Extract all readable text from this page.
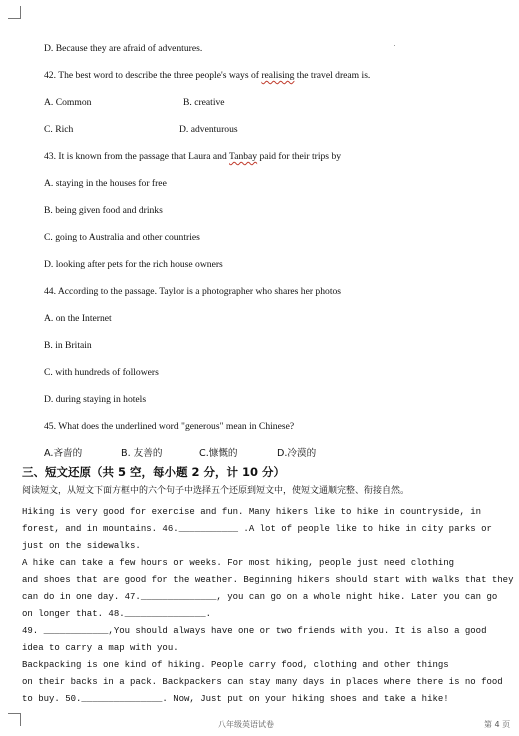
D. Because they are afraid of adventures.
42. The best word to describe the three people's ways of realising the travel dream is.
A. Common	B. creative
C. Rich	D. adventurous
43. It is known from the passage that Laura and Tanbay paid for their trips by
A. staying in the houses for free
B. being given food and drinks
C. going to Australia and other countries
D. looking after pets for the rich house owners
44. According to the passage. Taylor is a photographer who shares her photos
A. on the Internet
B. in Britain
C. with hundreds of followers
D. during staying in hotels
45. What does the underlined word "generous" mean in Chinese?
A.吝啬的	B. 友善的	C.慷慨的	D.冷漠的
三、短文还原（共 5 空，每小题 2 分，计 10 分）
阅读短文，从短文下面方框中的六个句子中选择五个还原到短文中，使短文通顺完整、衔接自然。
Hiking is very good for exercise and fun. Many hikers like to hike in countryside, in
forest, and in mountains. 46.___________ .A lot of people like to hike in city parks or
just on the sidewalks.
A hike can take a few hours or weeks. For most hiking, people just need clothing
and shoes that are good for the weather. Beginning hikers should start with walks that they
can do in one day. 47.______________, you can go on a whole night hike. Later you can go
on longer that. 48._______________.
49. ____________,You should always have one or two friends with you. It is also a good
idea to carry a map with you.
Backpacking is one kind of hiking. People carry food, clothing and other things
on their backs in a pack. Backpackers can stay many days in places where there is no food
to buy. 50._______________. Now, Just put on your hiking shoes and take a hike!
八年级英语试卷	第 4 页
